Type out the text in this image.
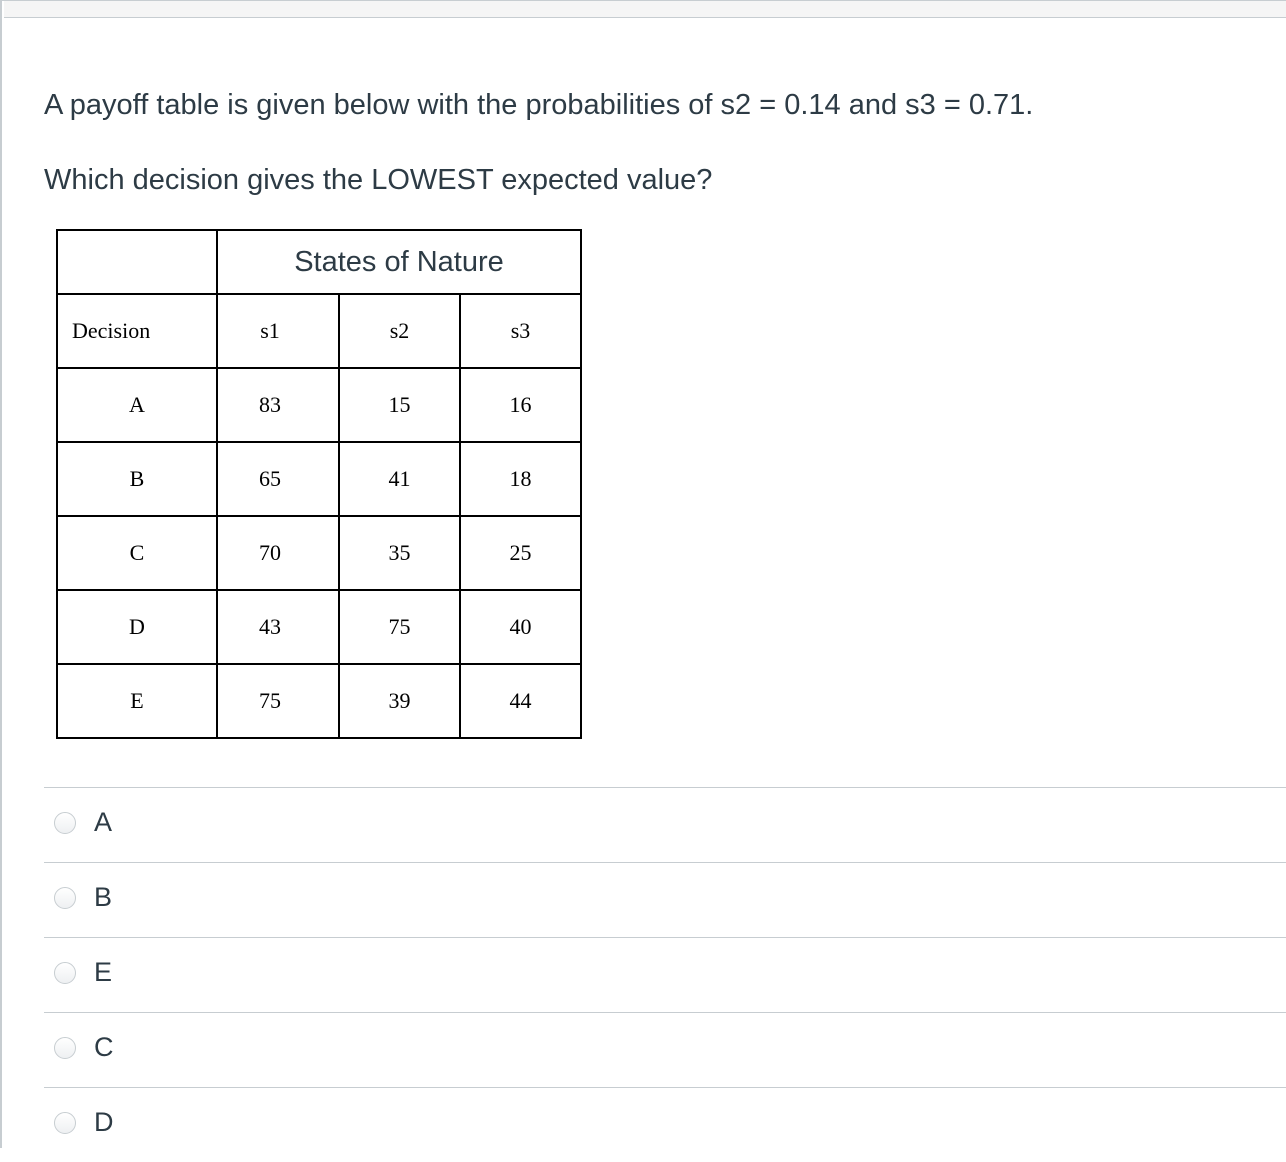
A payoff table is given below with the probabilities of s2 = 0.14 and s3 = 0.71.
Which decision gives the LOWEST expected value?
	States of Nature		
Decision	s1	s2	s3
A	83	15	16
B	65	41	18
C	70	35	25
D	43	75	40
E	75	39	44
A
B
E
C
D
